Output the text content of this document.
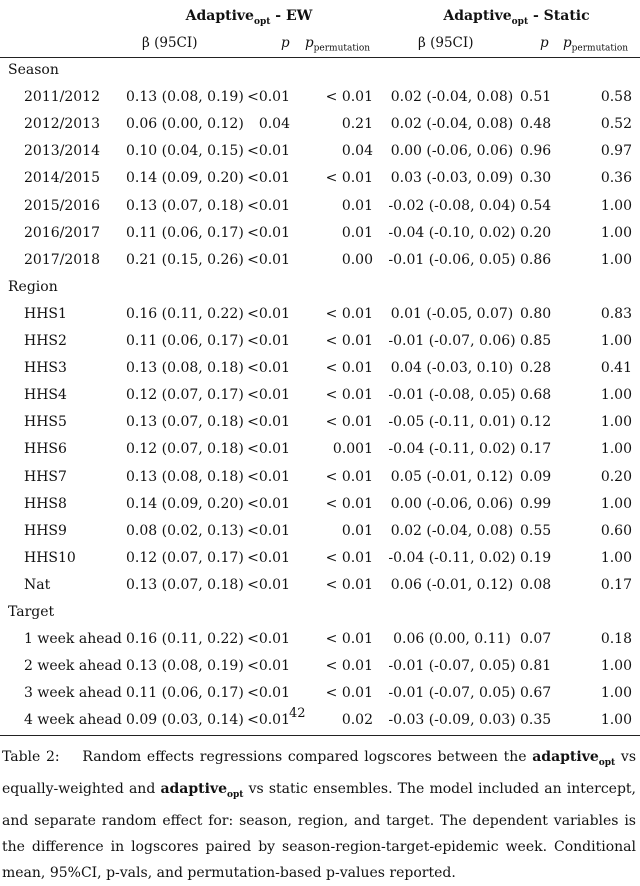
Adaptive$_{opt}$ - EW	Adaptive$_{opt}$ - Static
β (95CI)	p $p_{permutation}$	β (95CI)	p $p_{permutation}$
Season
2011/2012 0.13 (0.08, 0.19) <0.01	< 0.01 0.02 (-0.04, 0.08) 0.51	0.58
2012/2013 0.06 (0.00, 0.12)	0.04	0.21 0.02 (-0.04, 0.08) 0.48	0.52
2013/2014 0.10 (0.04, 0.15) <0.01	0.04 0.00 (-0.06, 0.06) 0.96	0.97
2014/2015 0.14 (0.09, 0.20) <0.01	< 0.01 0.03 (-0.03, 0.09) 0.30	0.36
2015/2016 0.13 (0.07, 0.18) <0.01	0.01 -0.02 (-0.08, 0.04) 0.54	1.00
2016/2017 0.11 (0.06, 0.17) <0.01	0.01 -0.04 (-0.10, 0.02) 0.20	1.00
2017/2018 0.21 (0.15, 0.26) <0.01	0.00 -0.01 (-0.06, 0.05) 0.86	1.00
Region
HHS1	0.16 (0.11, 0.22) <0.01	< 0.01 0.01 (-0.05, 0.07) 0.80	0.83
HHS2	0.11 (0.06, 0.17) <0.01	< 0.01 -0.01 (-0.07, 0.06) 0.85	1.00
HHS3	0.13 (0.08, 0.18) <0.01	< 0.01 0.04 (-0.03, 0.10) 0.28	0.41
HHS4	0.12 (0.07, 0.17) <0.01	< 0.01 -0.01 (-0.08, 0.05) 0.68	1.00
HHS5	0.13 (0.07, 0.18) <0.01	< 0.01 -0.05 (-0.11, 0.01) 0.12	1.00
HHS6	0.12 (0.07, 0.18) <0.01	0.001 -0.04 (-0.11, 0.02) 0.17	1.00
HHS7	0.13 (0.08, 0.18) <0.01	< 0.01 0.05 (-0.01, 0.12) 0.09	0.20
HHS8	0.14 (0.09, 0.20) <0.01	< 0.01 0.00 (-0.06, 0.06) 0.99	1.00
HHS9	0.08 (0.02, 0.13) <0.01	0.01 0.02 (-0.04, 0.08) 0.55	0.60
HHS10	0.12 (0.07, 0.17) <0.01	< 0.01 -0.04 (-0.11, 0.02) 0.19	1.00
Nat	0.13 (0.07, 0.18) <0.01	< 0.01 0.06 (-0.01, 0.12) 0.08	0.17
Target
1 week ahead 0.16 (0.11, 0.22) <0.01	< 0.01	0.06 (0.00, 0.11) 0.07	0.18
2 week ahead 0.13 (0.08, 0.19) <0.01	< 0.01 -0.01 (-0.07, 0.05) 0.81	1.00
3 week ahead 0.11 (0.06, 0.17) <0.01	< 0.01 -0.01 (-0.07, 0.05) 0.67	1.00
4 week ahead 0.09 (0.03, 0.14) <0.01	0.02 -0.03 (-0.09, 0.03) 0.35	1.00
42
Table 2: Random effects regressions compared logscores between the adaptive$_{opt}$ vs equally-weighted and adaptive$_{opt}$ vs static ensembles. The model included an intercept, and separate random effect for: season, region, and target. The dependent variables is the difference in logscores paired by season-region-target-epidemic week. Conditional mean, 95%CI, p-vals, and permutation-based p-values reported.
